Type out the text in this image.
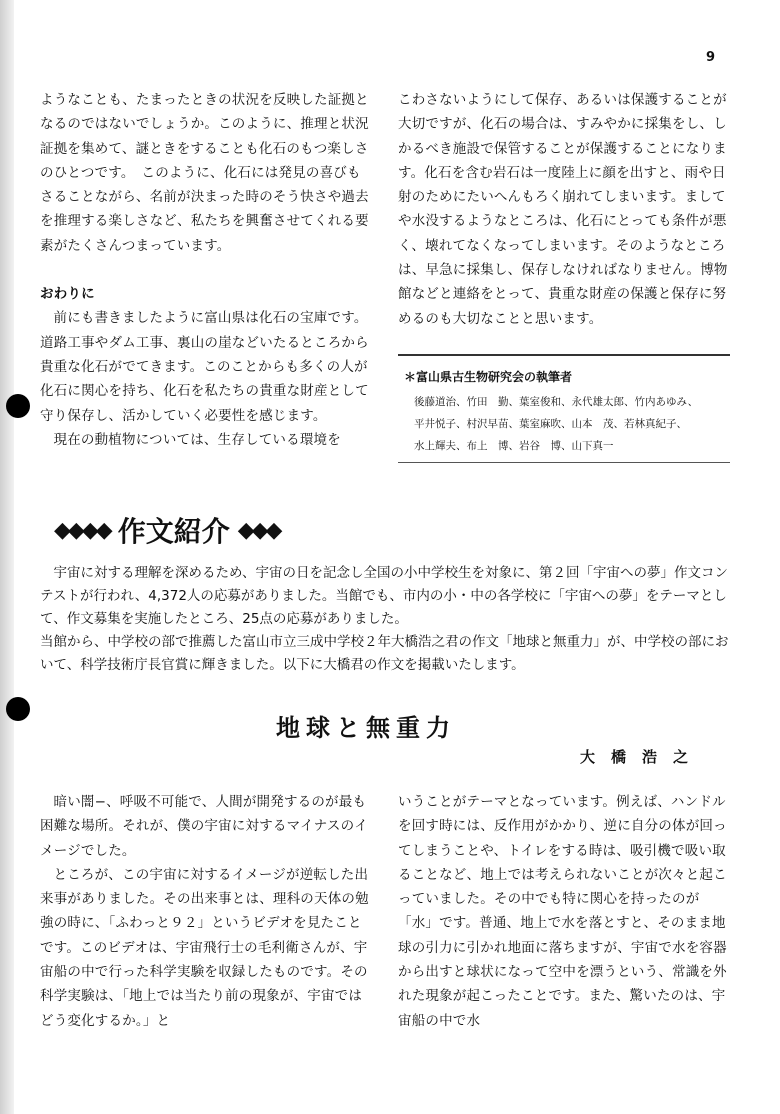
9

ようなことも、たまったときの状況を反映した証拠となるのではないでしょうか。このように、推理と状況証拠を集めて、謎ときをすることも化石のもつ楽しさのひとつです。　このように、化石には発見の喜びもさることながら、名前が決まった時のそう快さや過去を推理する楽しさなど、私たちを興奮させてくれる要素がたくさんつまっています。

おわりに

前にも書きましたように富山県は化石の宝庫です。道路工事やダム工事、裏山の崖などいたるところから貴重な化石がでてきます。このことからも多くの人が化石に関心を持ち、化石を私たちの貴重な財産として守り保存し、活かしていく必要性を感じます。

現在の動植物については、生存している環境を

こわさないようにして保存、あるいは保護することが大切ですが、化石の場合は、すみやかに採集をし、しかるべき施設で保管することが保護することになります。化石を含む岩石は一度陸上に顔を出すと、雨や日射のためにたいへんもろく崩れてしまいます。ましてや水没するようなところは、化石にとっても条件が悪く、壊れてなくなってしまいます。そのようなところは、早急に採集し、保存しなければなりません。博物館などと連絡をとって、貴重な財産の保護と保存に努めるのも大切なことと思います。

＊富山県古生物研究会の執筆者
後藤道治、竹田　勤、葉室俊和、永代雄太郎、竹内あゆみ、
平井悦子、村沢早苗、葉室麻吹、山本　茂、若林真紀子、
水上輝夫、布上　博、岩谷　博、山下真一
◆◆◆◆ 作文紹介 ◆◆◆

宇宙に対する理解を深めるため、宇宙の日を記念し全国の小中学校生を対象に、第２回「宇宙への夢」作文コンテストが行われ、4,372人の応募がありました。当館でも、市内の小・中の各学校に「宇宙への夢」をテーマとして、作文募集を実施したところ、25点の応募がありました。

当館から、中学校の部で推薦した富山市立三成中学校２年大橋浩之君の作文「地球と無重力」が、中学校の部において、科学技術庁長官賞に輝きました。以下に大橋君の作文を掲載いたします。

地球と無重力
大橋浩之

暗い闇−、呼吸不可能で、人間が開発するのが最も困難な場所。それが、僕の宇宙に対するマイナスのイメージでした。

ところが、この宇宙に対するイメージが逆転した出来事がありました。その出来事とは、理科の天体の勉強の時に、「ふわっと９２」というビデオを見たことです。このビデオは、宇宙飛行士の毛利衛さんが、宇宙船の中で行った科学実験を収録したものです。その科学実験は、「地上では当たり前の現象が、宇宙ではどう変化するか。」と

いうことがテーマとなっています。例えば、ハンドルを回す時には、反作用がかかり、逆に自分の体が回ってしまうことや、トイレをする時は、吸引機で吸い取ることなど、地上では考えられないことが次々と起こっていました。その中でも特に関心を持ったのが「水」です。普通、地上で水を落とすと、そのまま地球の引力に引かれ地面に落ちますが、宇宙で水を容器から出すと球状になって空中を漂うという、常識を外れた現象が起こったことです。また、驚いたのは、宇宙船の中で水
